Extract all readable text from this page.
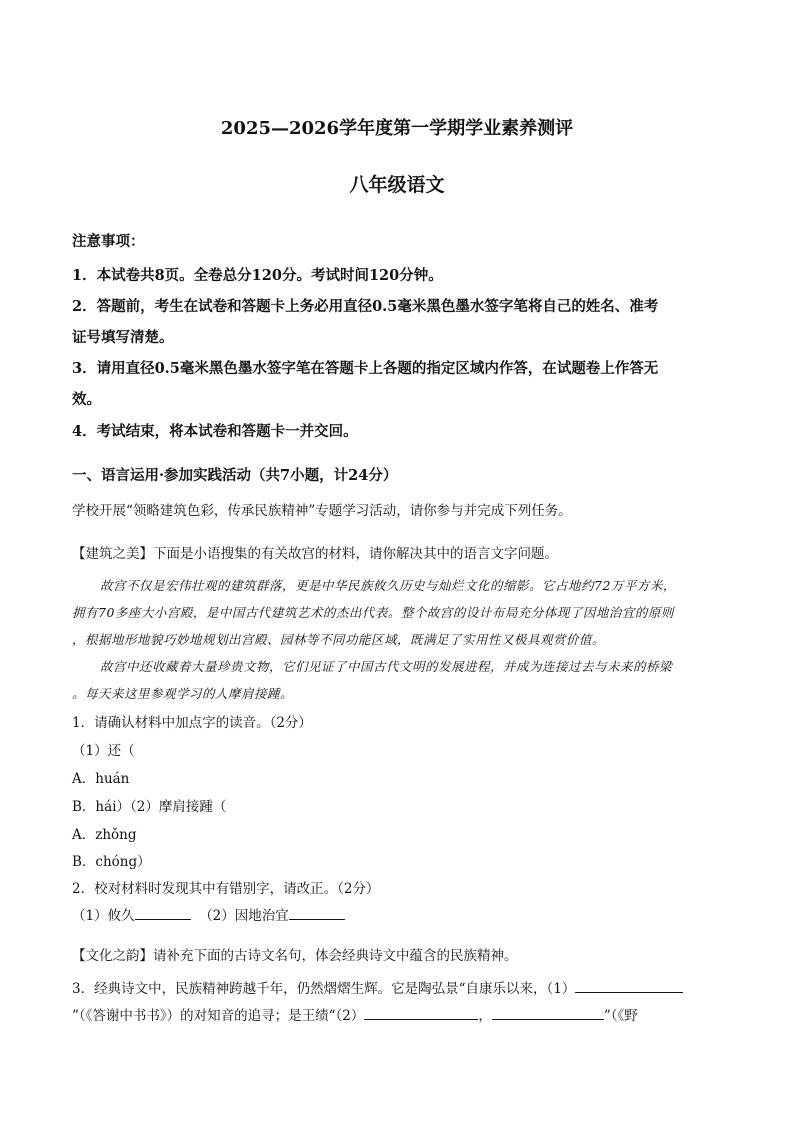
2025—2026学年度第一学期学业素养测评
八年级语文
注意事项：
1．本试卷共8页。全卷总分120分。考试时间120分钟。
2．答题前，考生在试卷和答题卡上务必用直径0.5毫米黑色墨水签字笔将自己的姓名、准考
证号填写清楚。
3．请用直径0.5毫米黑色墨水签字笔在答题卡上各题的指定区域内作答，在试题卷上作答无
效。
4．考试结束，将本试卷和答题卡一并交回。
一、语言运用·参加实践活动（共7小题，计24分）
学校开展“领略建筑色彩，传承民族精神”专题学习活动，请你参与并完成下列任务。
【建筑之美】下面是小语搜集的有关故宫的材料，请你解决其中的语言文字问题。
故宫不仅是宏伟壮观的建筑群落，更是中华民族攸久历史与灿烂文化的缩影。它占地约72万平方米，
拥有70多座大小宫殿，是中国古代建筑艺术的杰出代表。整个故宫的设计布局充分体现了因地治宜的原则
，根据地形地貌巧妙地规划出宫殿、园林等不同功能区域，既满足了实用性又极具观赏价值。
故宫中还收藏着大量珍贵文物，它们见证了中国古代文明的发展进程，并成为连接过去与未来的桥梁
。每天来这里参观学习的人摩肩接踵。
1．请确认材料中加点字的读音。（2分）
（1）还（
A．huán
B．hái）（2）摩肩接踵（
A．zhǒng
B．chóng）
2．校对材料时发现其中有错别字，请改正。（2分）
（1）攸久	（2）因地治宜
【文化之韵】请补充下面的古诗文名句，体会经典诗文中蕴含的民族精神。
3．经典诗文中，民族精神跨越千年，仍然熠熠生辉。它是陶弘景“自康乐以来，（1）
”（《答谢中书书》）的对知音的追寻；是王绩“（2）	，	”（《野
